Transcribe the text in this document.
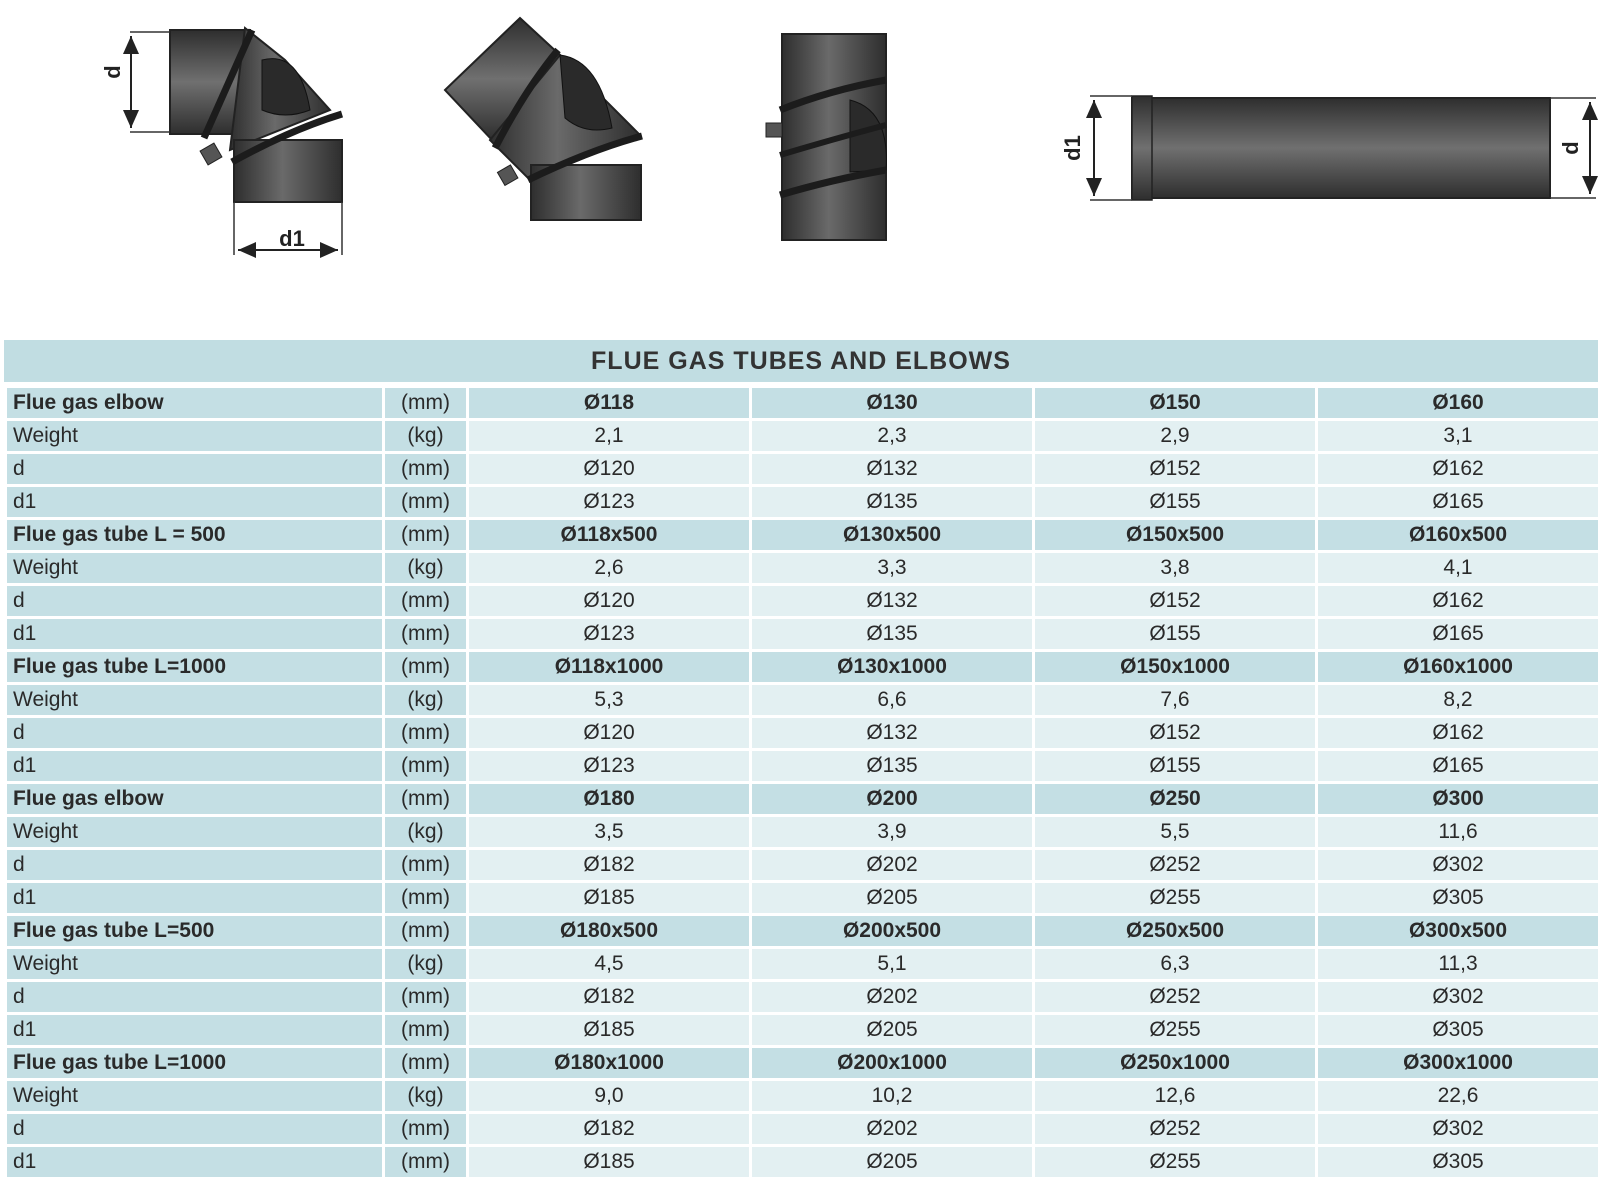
d
d1
d1	d
FLUE GAS TUBES AND ELBOWS
Flue gas elbow	(mm)	Ø118	Ø130	Ø150	Ø160
Weight	(kg)	2,1	2,3	2,9	3,1
d	(mm)	Ø120	Ø132	Ø152	Ø162
d1	(mm)	Ø123	Ø135	Ø155	Ø165
Flue gas tube L = 500	(mm)	Ø118x500	Ø130x500	Ø150x500	Ø160x500
Weight	(kg)	2,6	3,3	3,8	4,1
d	(mm)	Ø120	Ø132	Ø152	Ø162
d1	(mm)	Ø123	Ø135	Ø155	Ø165
Flue gas tube L=1000	(mm)	Ø118x1000	Ø130x1000	Ø150x1000	Ø160x1000
Weight	(kg)	5,3	6,6	7,6	8,2
d	(mm)	Ø120	Ø132	Ø152	Ø162
d1	(mm)	Ø123	Ø135	Ø155	Ø165
Flue gas elbow	(mm)	Ø180	Ø200	Ø250	Ø300
Weight	(kg)	3,5	3,9	5,5	11,6
d	(mm)	Ø182	Ø202	Ø252	Ø302
d1	(mm)	Ø185	Ø205	Ø255	Ø305
Flue gas tube L=500	(mm)	Ø180x500	Ø200x500	Ø250x500	Ø300x500
Weight	(kg)	4,5	5,1	6,3	11,3
d	(mm)	Ø182	Ø202	Ø252	Ø302
d1	(mm)	Ø185	Ø205	Ø255	Ø305
Flue gas tube L=1000	(mm)	Ø180x1000	Ø200x1000	Ø250x1000	Ø300x1000
Weight	(kg)	9,0	10,2	12,6	22,6
d	(mm)	Ø182	Ø202	Ø252	Ø302
d1	(mm)	Ø185	Ø205	Ø255	Ø305
